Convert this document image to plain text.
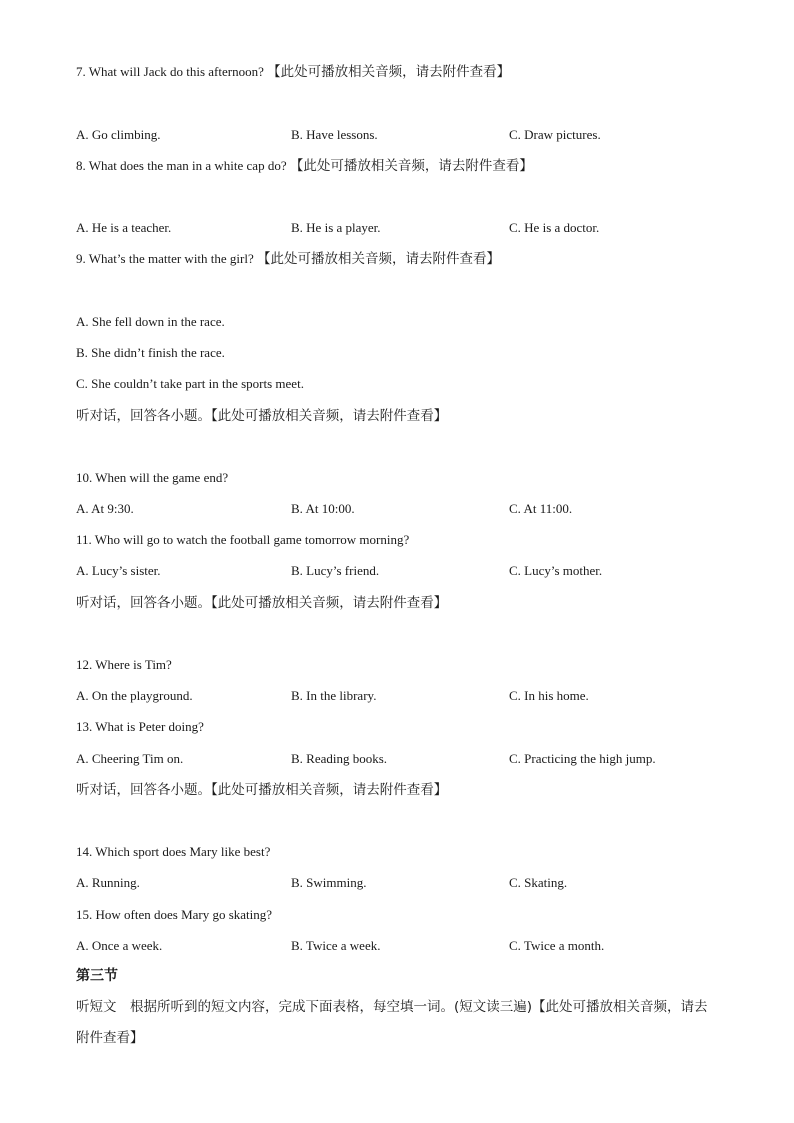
7. What will Jack do this afternoon? 【此处可播放相关音频，请去附件查看】
A. Go climbing.	B. Have lessons.	C. Draw pictures.
8. What does the man in a white cap do? 【此处可播放相关音频，请去附件查看】
A. He is a teacher.	B. He is a player.	C. He is a doctor.
9. What’s the matter with the girl? 【此处可播放相关音频，请去附件查看】
A. She fell down in the race.
B. She didn’t finish the race.
C. She couldn’t take part in the sports meet.
听对话，回答各小题。【此处可播放相关音频，请去附件查看】
10. When will the game end?
A. At 9:30.	B. At 10:00.	C. At 11:00.
11. Who will go to watch the football game tomorrow morning?
A. Lucy’s sister.	B. Lucy’s friend.	C. Lucy’s mother.
听对话，回答各小题。【此处可播放相关音频，请去附件查看】
12. Where is Tim?
A. On the playground.	B. In the library.	C. In his home.
13. What is Peter doing?
A. Cheering Tim on.	B. Reading books.	C. Practicing the high jump.
听对话，回答各小题。【此处可播放相关音频，请去附件查看】
14. Which sport does Mary like best?
A. Running.	B. Swimming.	C. Skating.
15. How often does Mary go skating?
A. Once a week.	B. Twice a week.	C. Twice a month.
第三节
听短文　根据所听到的短文内容，完成下面表格，每空填一词。(短文读三遍)【此处可播放相关音频，请去附件查看】
